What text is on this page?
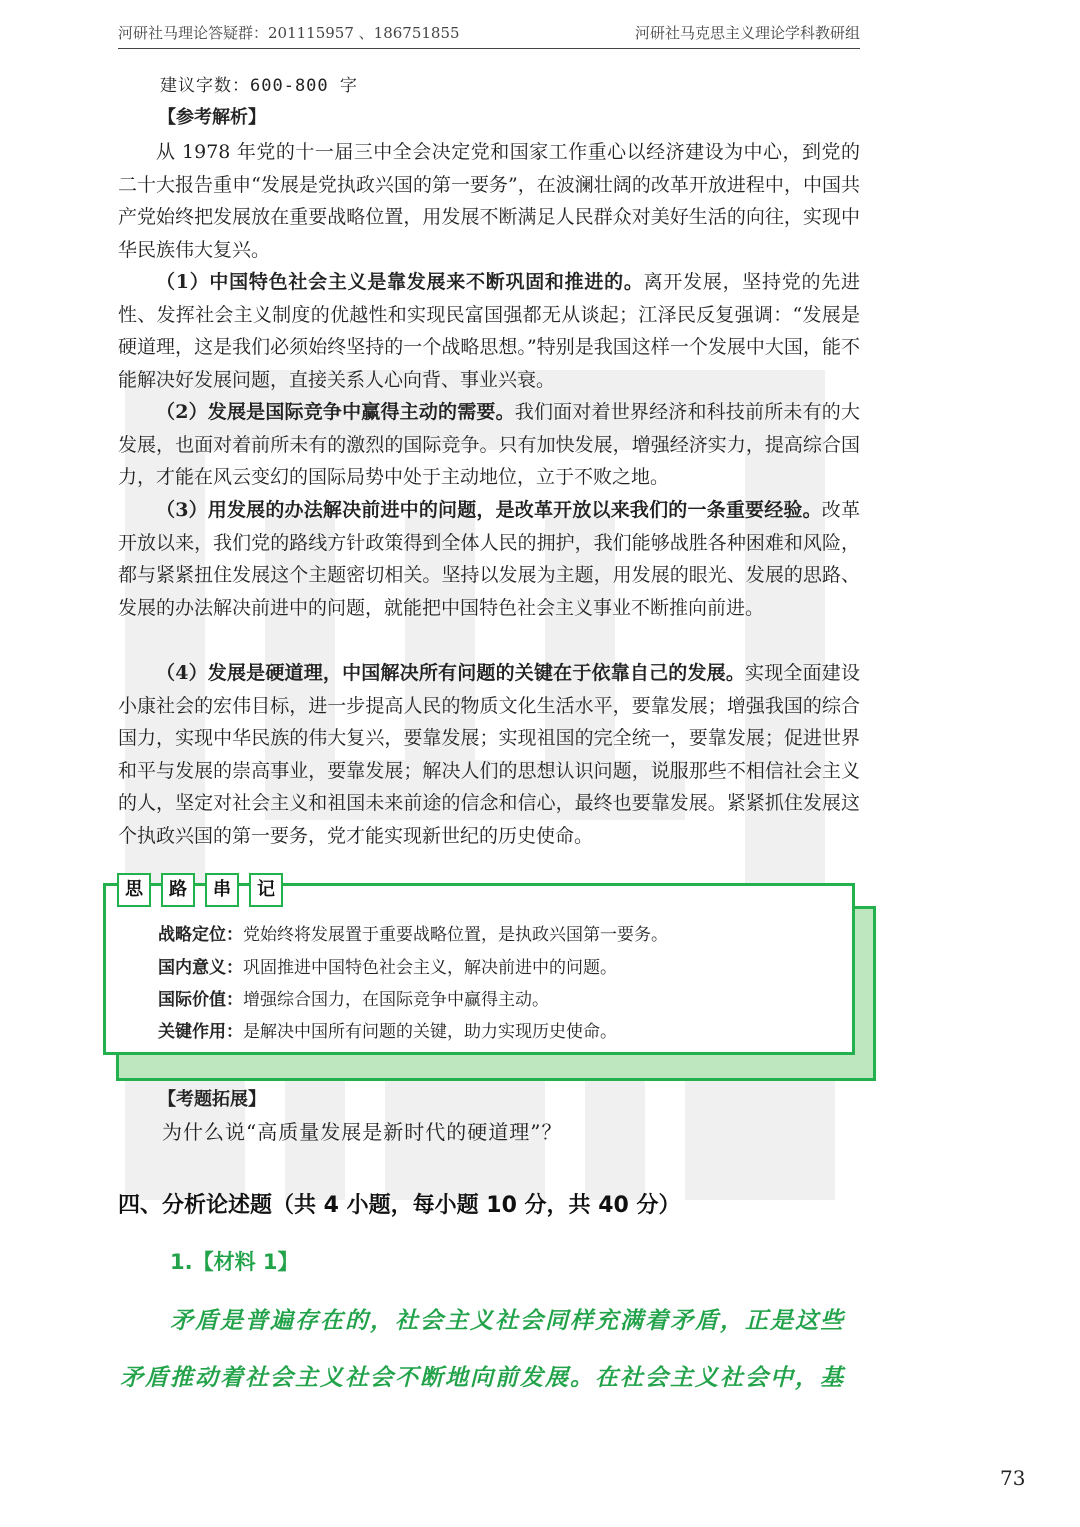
河研社马理论答疑群：201115957 、186751855	河研社马克思主义理论学科教研组
建议字数：600-800 字
【参考解析】
从 1978 年党的十一届三中全会决定党和国家工作重心以经济建设为中心，到党的二十大报告重申“发展是党执政兴国的第一要务”，在波澜壮阔的改革开放进程中，中国共产党始终把发展放在重要战略位置，用发展不断满足人民群众对美好生活的向往，实现中华民族伟大复兴。
（1）中国特色社会主义是靠发展来不断巩固和推进的。离开发展，坚持党的先进性、发挥社会主义制度的优越性和实现民富国强都无从谈起；江泽民反复强调：“发展是硬道理，这是我们必须始终坚持的一个战略思想。”特别是我国这样一个发展中大国，能不能解决好发展问题，直接关系人心向背、事业兴衰。
（2）发展是国际竞争中赢得主动的需要。我们面对着世界经济和科技前所未有的大发展，也面对着前所未有的激烈的国际竞争。只有加快发展，增强经济实力，提高综合国力，才能在风云变幻的国际局势中处于主动地位，立于不败之地。
（3）用发展的办法解决前进中的问题，是改革开放以来我们的一条重要经验。改革开放以来，我们党的路线方针政策得到全体人民的拥护，我们能够战胜各种困难和风险，都与紧紧扭住发展这个主题密切相关。坚持以发展为主题，用发展的眼光、发展的思路、发展的办法解决前进中的问题，就能把中国特色社会主义事业不断推向前进。
（4）发展是硬道理，中国解决所有问题的关键在于依靠自己的发展。实现全面建设小康社会的宏伟目标，进一步提高人民的物质文化生活水平，要靠发展；增强我国的综合国力，实现中华民族的伟大复兴，要靠发展；实现祖国的完全统一，要靠发展；促进世界和平与发展的崇高事业，要靠发展；解决人们的思想认识问题，说服那些不相信社会主义的人，坚定对社会主义和祖国未来前途的信念和信心，最终也要靠发展。紧紧抓住发展这个执政兴国的第一要务，党才能实现新世纪的历史使命。
思	路	串	记
战略定位：党始终将发展置于重要战略位置，是执政兴国第一要务。
国内意义：巩固推进中国特色社会主义，解决前进中的问题。
国际价值：增强综合国力，在国际竞争中赢得主动。
关键作用：是解决中国所有问题的关键，助力实现历史使命。
【考题拓展】
为什么说“高质量发展是新时代的硬道理”？
四、分析论述题（共 4 小题，每小题 10 分，共 40 分）
1.【材料 1】
矛盾是普遍存在的，社会主义社会同样充满着矛盾，正是这些
矛盾推动着社会主义社会不断地向前发展。在社会主义社会中，基
73
